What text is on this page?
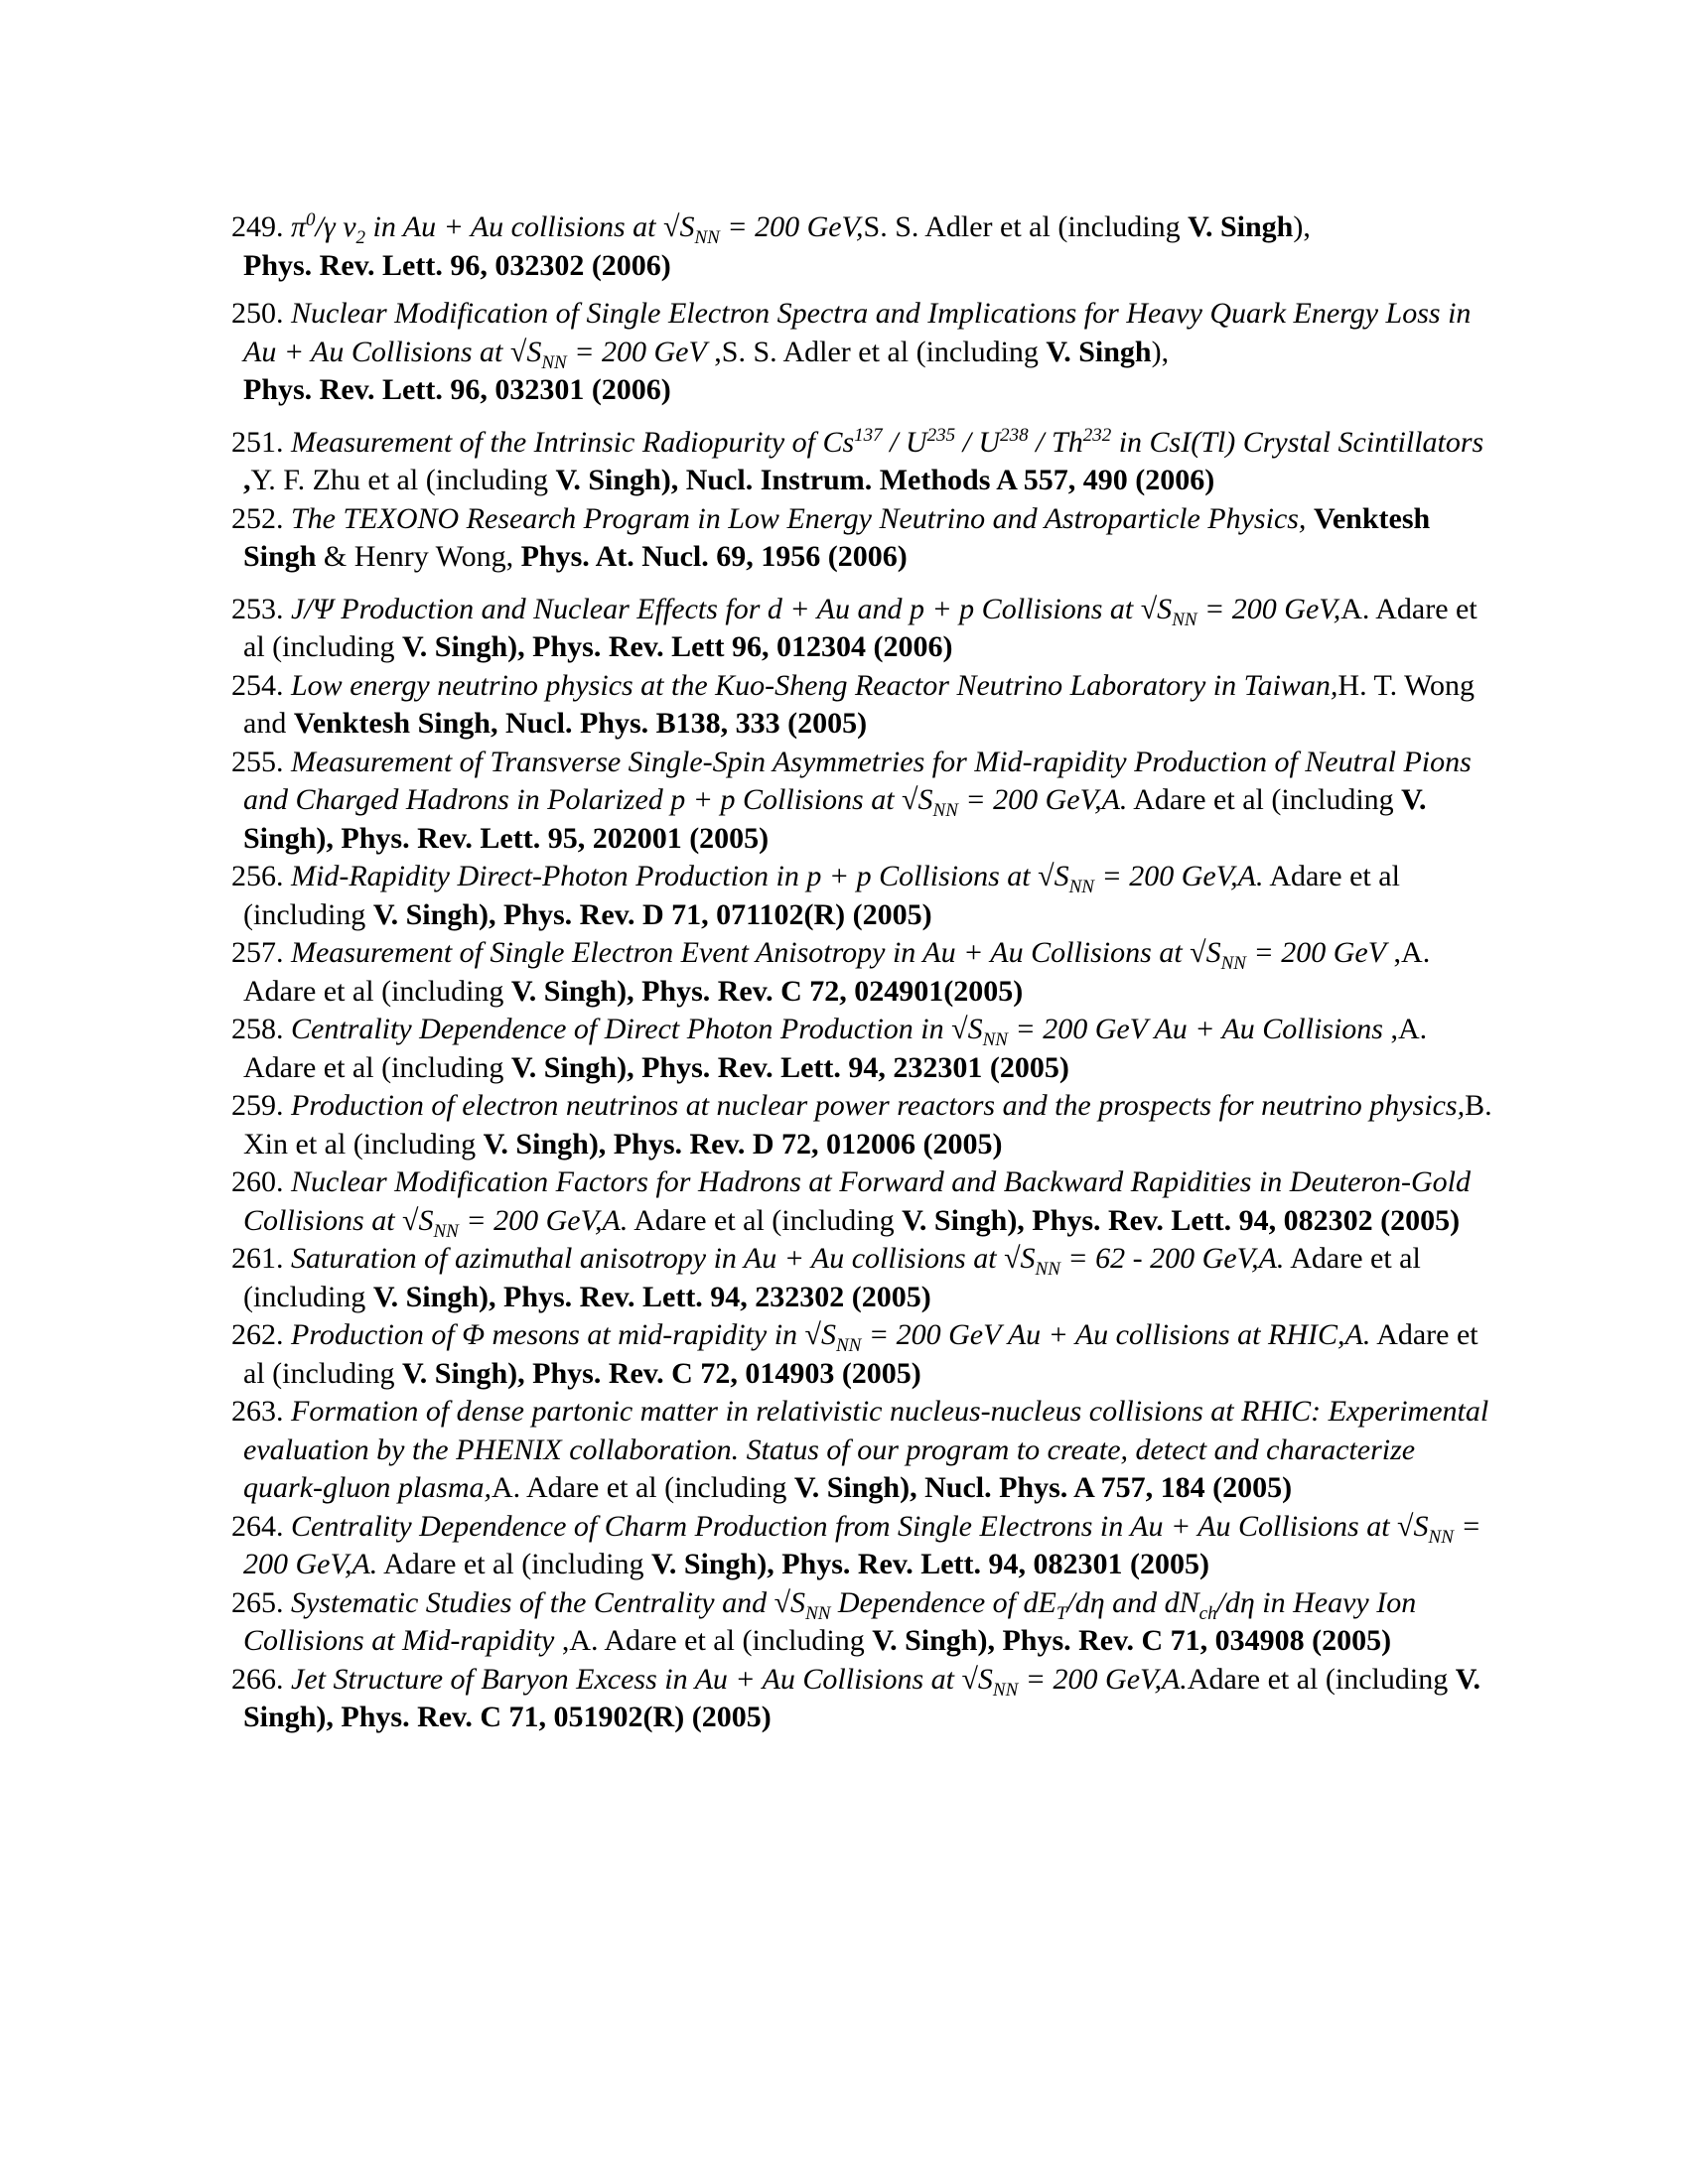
249. $\pi^0/\gamma$ $v_2$ in Au + Au collisions at $√S_{NN} = 200$ GeV,S. S. Adler et al (including V. Singh),
Phys. Rev. Lett. 96, 032302 (2006)

250. Nuclear Modification of Single Electron Spectra and Implications for Heavy Quark Energy Loss in Au + Au Collisions at $√S_{NN} = 200$ GeV ,S. S. Adler et al (including V. Singh),
Phys. Rev. Lett. 96, 032301 (2006)

251. Measurement of the Intrinsic Radiopurity of $Cs^{137} / U^{235} / U^{238} / Th^{232}$ in CsI(Tl) Crystal Scintillators ,Y. F. Zhu et al (including V. Singh), Nucl. Instrum. Methods A 557, 490 (2006)

252. The TEXONO Research Program in Low Energy Neutrino and Astroparticle Physics, Venktesh Singh & Henry Wong, Phys. At. Nucl. 69, 1956 (2006)

253. J/Ψ Production and Nuclear Effects for d + Au and p + p Collisions at $√S_{NN} = 200$ GeV,A. Adare et al (including V. Singh), Phys. Rev. Lett 96, 012304 (2006)

254. Low energy neutrino physics at the Kuo-Sheng Reactor Neutrino Laboratory in Taiwan,H. T. Wong and Venktesh Singh, Nucl. Phys. B138, 333 (2005)

255. Measurement of Transverse Single-Spin Asymmetries for Mid-rapidity Production of Neutral Pions and Charged Hadrons in Polarized p + p Collisions at $√S_{NN} = 200$ GeV,A. Adare et al (including V. Singh), Phys. Rev. Lett. 95, 202001 (2005)

256. Mid-Rapidity Direct-Photon Production in p + p Collisions at $√S_{NN} = 200$ GeV,A. Adare et al (including V. Singh), Phys. Rev. D 71, 071102(R) (2005)

257. Measurement of Single Electron Event Anisotropy in Au + Au Collisions at $√S_{NN} = 200$ GeV ,A. Adare et al (including V. Singh), Phys. Rev. C 72, 024901(2005)

258. Centrality Dependence of Direct Photon Production in $√S_{NN} = 200$ GeV Au + Au Collisions ,A. Adare et al (including V. Singh), Phys. Rev. Lett. 94, 232301 (2005)

259. Production of electron neutrinos at nuclear power reactors and the prospects for neutrino physics,B. Xin et al (including V. Singh), Phys. Rev. D 72, 012006 (2005)

260. Nuclear Modification Factors for Hadrons at Forward and Backward Rapidities in Deuteron-Gold Collisions at $√S_{NN} = 200$ GeV,A. Adare et al (including V. Singh), Phys. Rev. Lett. 94, 082302 (2005)

261. Saturation of azimuthal anisotropy in Au + Au collisions at $√S_{NN} = 62 - 200$ GeV,A. Adare et al (including V. Singh), Phys. Rev. Lett. 94, 232302 (2005)

262. Production of Φ mesons at mid-rapidity in $√S_{NN} = 200$ GeV Au + Au collisions at RHIC,A. Adare et al (including V. Singh), Phys. Rev. C 72, 014903 (2005)

263. Formation of dense partonic matter in relativistic nucleus-nucleus collisions at RHIC: Experimental evaluation by the PHENIX collaboration. Status of our program to create, detect and characterize quark-gluon plasma,A. Adare et al (including V. Singh), Nucl. Phys. A 757, 184 (2005)

264. Centrality Dependence of Charm Production from Single Electrons in Au + Au Collisions at $√S_{NN} = 200$ GeV,A. Adare et al (including V. Singh), Phys. Rev. Lett. 94, 082301 (2005)

265. Systematic Studies of the Centrality and $√S_{NN}$ Dependence of $dE_T/d\eta$ and $dN_{ch}/d\eta$ in Heavy Ion Collisions at Mid-rapidity ,A. Adare et al (including V. Singh), Phys. Rev. C 71, 034908 (2005)

266. Jet Structure of Baryon Excess in Au + Au Collisions at $√S_{NN} = 200$ GeV,A.Adare et al (including V. Singh), Phys. Rev. C 71, 051902(R) (2005)
